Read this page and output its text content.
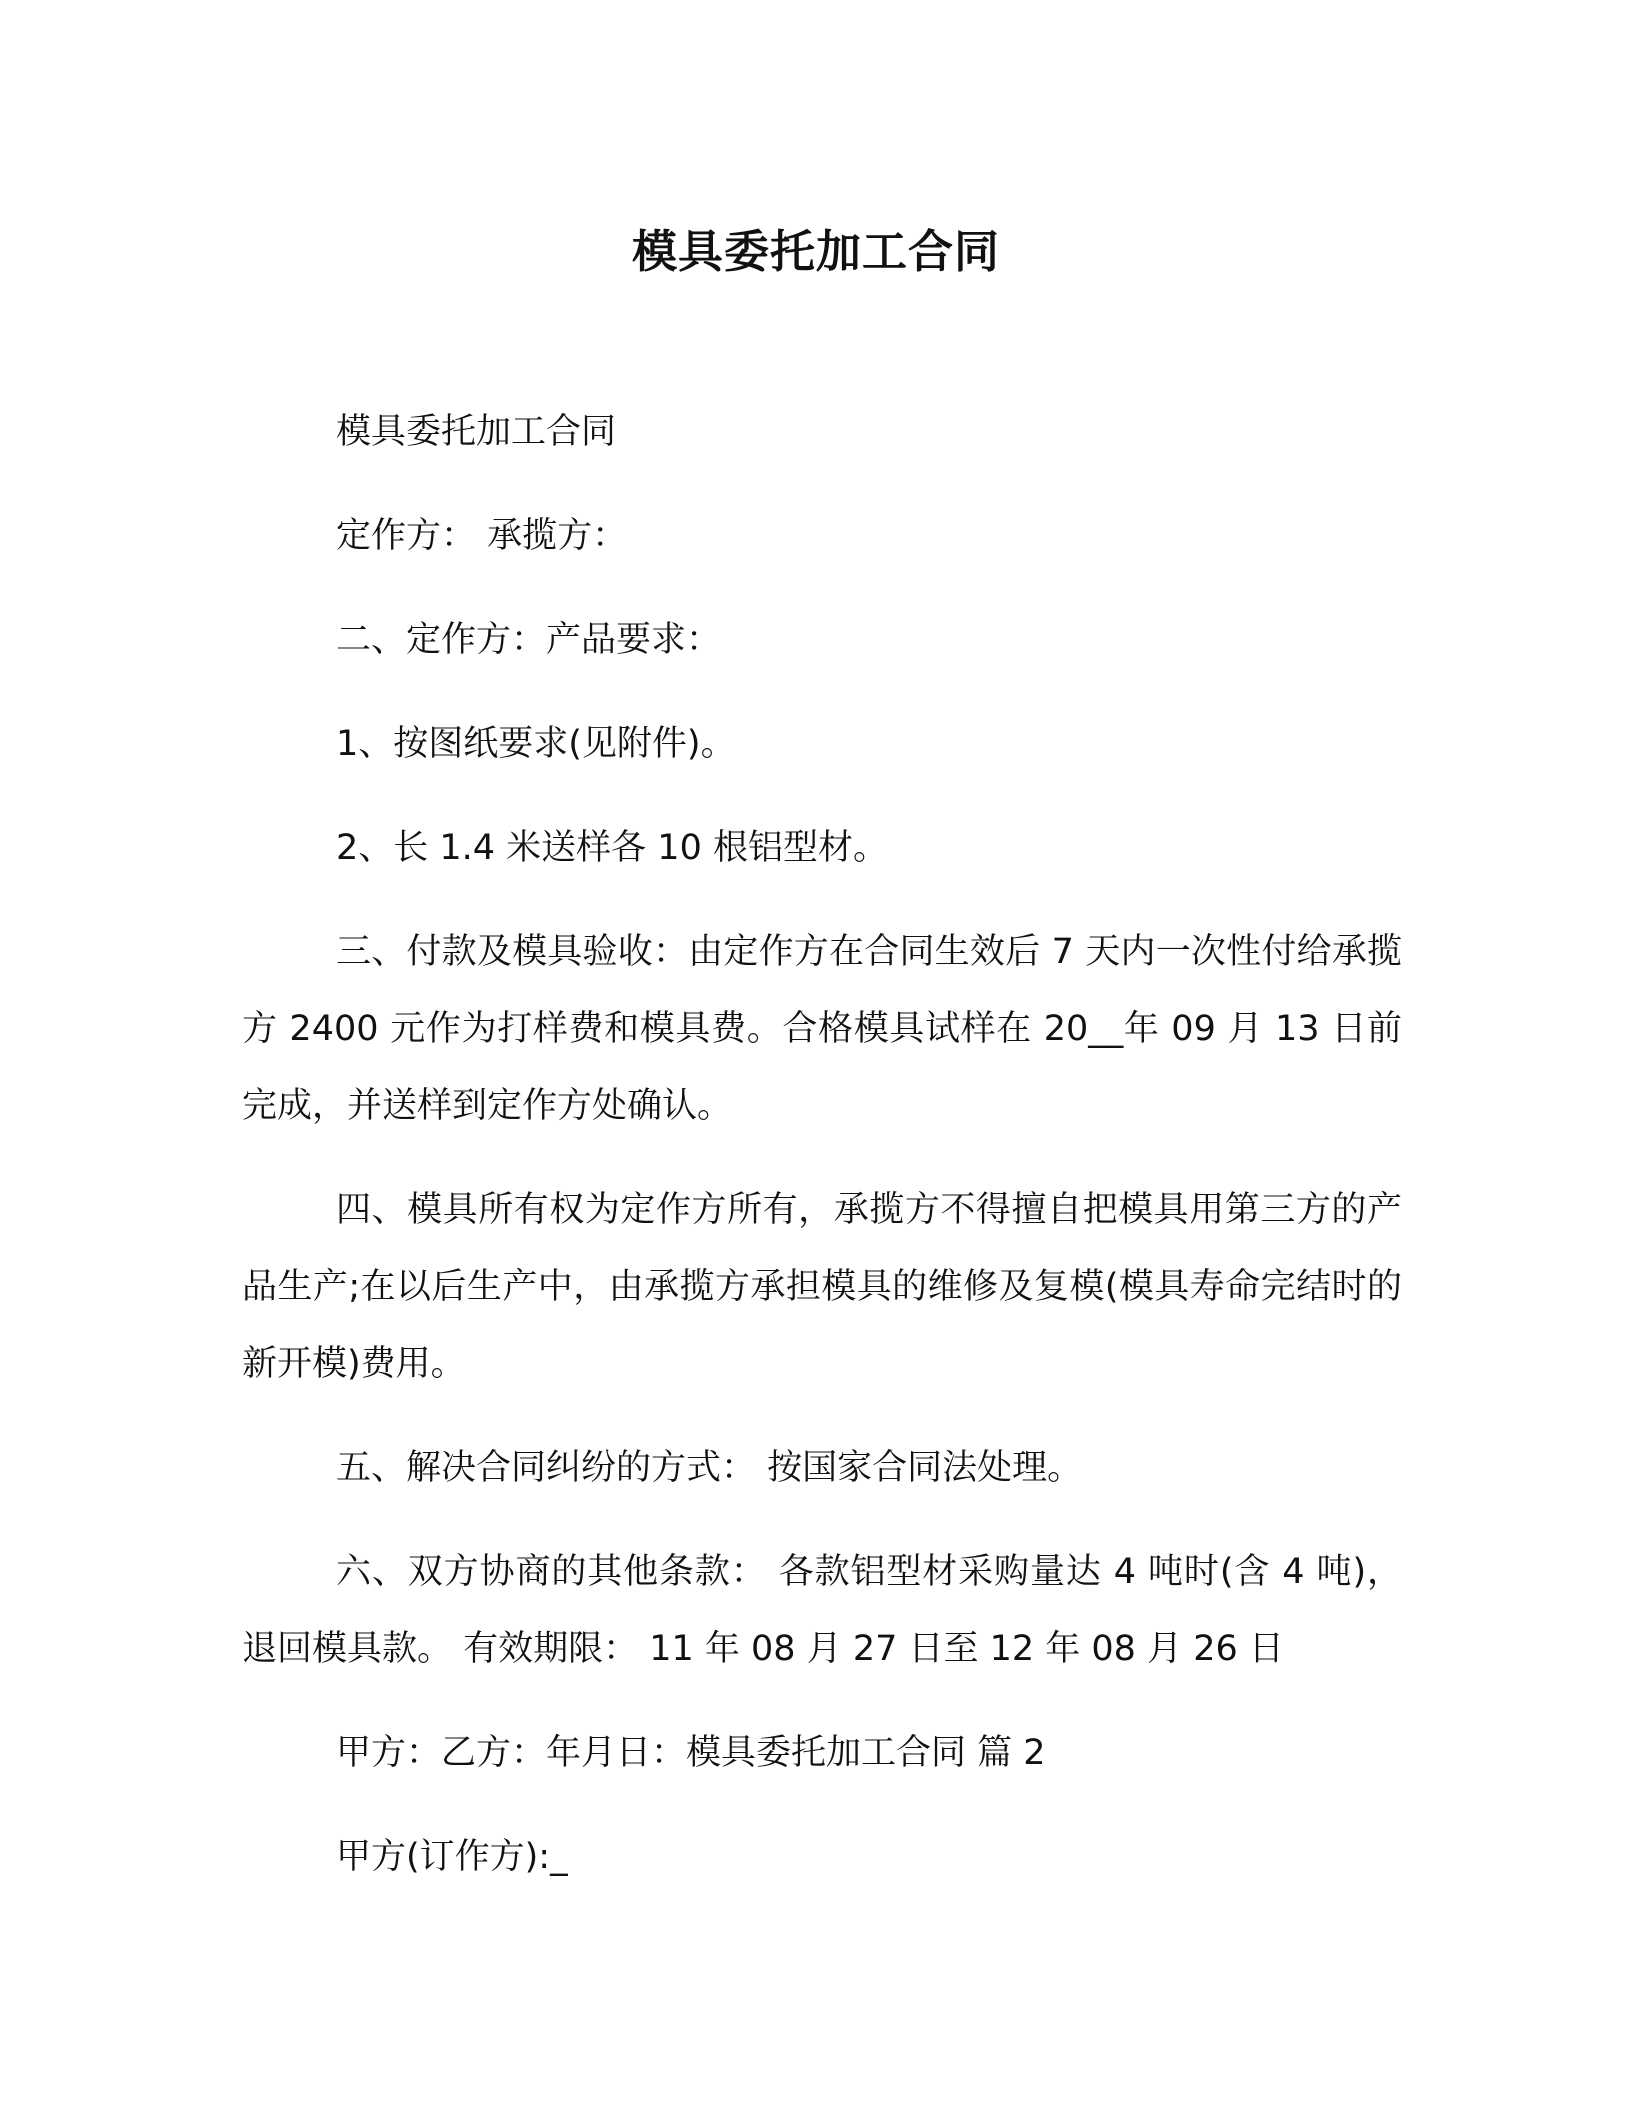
模具委托加工合同

模具委托加工合同

定作方： 承揽方：

二、定作方：产品要求：

1、按图纸要求(见附件)。

2、长 1.4 米送样各 10 根铝型材。

三、付款及模具验收：由定作方在合同生效后 7 天内一次性付给承揽方 2400 元作为打样费和模具费。合格模具试样在 20__年 09 月 13 日前完成，并送样到定作方处确认。

四、模具所有权为定作方所有，承揽方不得擅自把模具用第三方的产品生产;在以后生产中，由承揽方承担模具的维修及复模(模具寿命完结时的新开模)费用。

五、解决合同纠纷的方式： 按国家合同法处理。

六、双方协商的其他条款： 各款铝型材采购量达 4 吨时(含 4 吨)，退回模具款。 有效期限： 11 年 08 月 27 日至 12 年 08 月 26 日

甲方：乙方：年月日：模具委托加工合同 篇 2

甲方(订作方):_
